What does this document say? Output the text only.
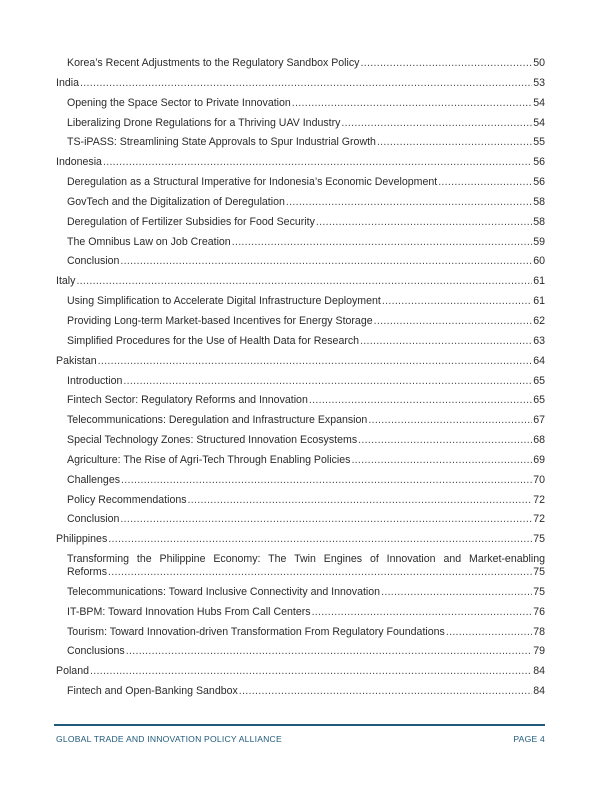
Korea’s Recent Adjustments to the Regulatory Sandbox Policy .....	50
India .....	53
Opening the Space Sector to Private Innovation .....	54
Liberalizing Drone Regulations for a Thriving UAV Industry .....	54
TS-iPASS: Streamlining State Approvals to Spur Industrial Growth .....	55
Indonesia .....	56
Deregulation as a Structural Imperative for Indonesia’s Economic Development .....	56
GovTech and the Digitalization of Deregulation .....	58
Deregulation of Fertilizer Subsidies for Food Security .....	58
The Omnibus Law on Job Creation .....	59
Conclusion .....	60
Italy .....	61
Using Simplification to Accelerate Digital Infrastructure Deployment .....	61
Providing Long-term Market-based Incentives for Energy Storage .....	62
Simplified Procedures for the Use of Health Data for Research .....	63
Pakistan .....	64
Introduction .....	65
Fintech Sector: Regulatory Reforms and Innovation .....	65
Telecommunications: Deregulation and Infrastructure Expansion .....	67
Special Technology Zones: Structured Innovation Ecosystems .....	68
Agriculture: The Rise of Agri-Tech Through Enabling Policies .....	69
Challenges .....	70
Policy Recommendations .....	72
Conclusion .....	72
Philippines .....	75
Transforming the Philippine Economy: The Twin Engines of Innovation and Market-enabling
Reforms .....	75
Telecommunications: Toward Inclusive Connectivity and Innovation .....	75
IT-BPM: Toward Innovation Hubs From Call Centers .....	76
Tourism: Toward Innovation-driven Transformation From Regulatory Foundations .....	78
Conclusions .....	79
Poland .....	84
Fintech and Open-Banking Sandbox .....	84
GLOBAL TRADE AND INNOVATION POLICY ALLIANCE	PAGE 4
